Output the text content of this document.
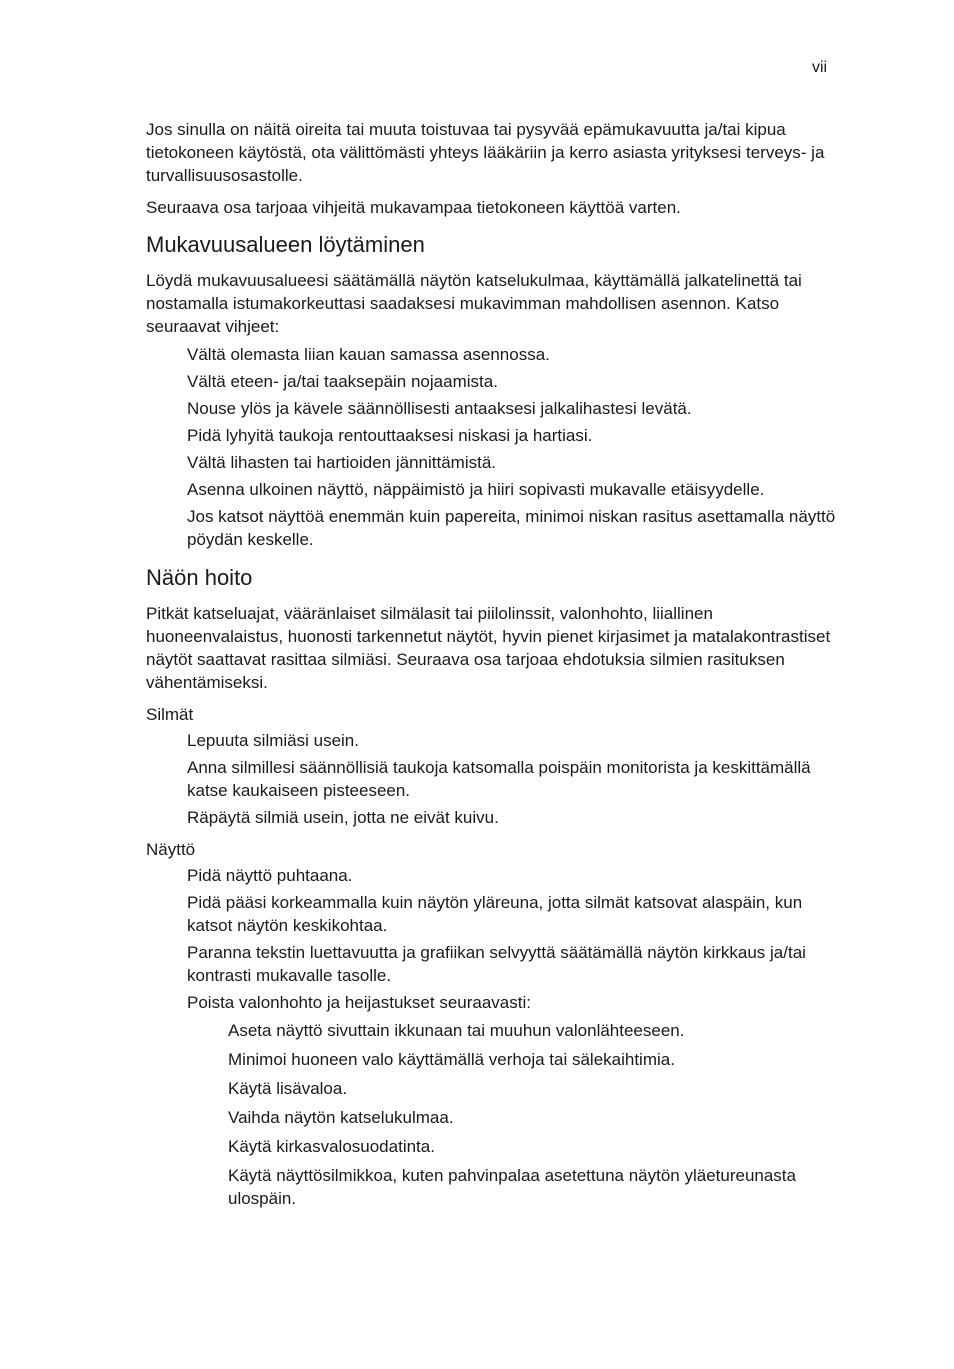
vii

Jos sinulla on näitä oireita tai muuta toistuvaa tai pysyvää epämukavuutta ja/tai kipua tietokoneen käytöstä, ota välittömästi yhteys lääkäriin ja kerro asiasta yrityksesi terveys- ja turvallisuusosastolle.

Seuraava osa tarjoaa vihjeitä mukavampaa tietokoneen käyttöä varten.

Mukavuusalueen löytäminen

Löydä mukavuusalueesi säätämällä näytön katselukulmaa, käyttämällä jalkatelinettä tai nostamalla istumakorkeuttasi saadaksesi mukavimman mahdollisen asennon. Katso seuraavat vihjeet:

Vältä olemasta liian kauan samassa asennossa.
Vältä eteen- ja/tai taaksepäin nojaamista.
Nouse ylös ja kävele säännöllisesti antaaksesi jalkalihastesi levätä.
Pidä lyhyitä taukoja rentouttaaksesi niskasi ja hartiasi.
Vältä lihasten tai hartioiden jännittämistä.
Asenna ulkoinen näyttö, näppäimistö ja hiiri sopivasti mukavalle etäisyydelle.
Jos katsot näyttöä enemmän kuin papereita, minimoi niskan rasitus asettamalla näyttö pöydän keskelle.
Näön hoito

Pitkät katseluajat, vääränlaiset silmälasit tai piilolinssit, valonhohto, liiallinen huoneenvalaistus, huonosti tarkennetut näytöt, hyvin pienet kirjasimet ja matalakontrastiset näytöt saattavat rasittaa silmiäsi. Seuraava osa tarjoaa ehdotuksia silmien rasituksen vähentämiseksi.

Silmät

Lepuuta silmiäsi usein.
Anna silmillesi säännöllisiä taukoja katsomalla poispäin monitorista ja keskittämällä katse kaukaiseen pisteeseen.
Räpäytä silmiä usein, jotta ne eivät kuivu.

Näyttö

Pidä näyttö puhtaana.
Pidä pääsi korkeammalla kuin näytön yläreuna, jotta silmät katsovat alaspäin, kun katsot näytön keskikohtaa.
Paranna tekstin luettavuutta ja grafiikan selvyyttä säätämällä näytön kirkkaus ja/tai kontrasti mukavalle tasolle.
Poista valonhohto ja heijastukset seuraavasti:
Aseta näyttö sivuttain ikkunaan tai muuhun valonlähteeseen.
Minimoi huoneen valo käyttämällä verhoja tai sälekaihtimia.
Käytä lisävaloa.
Vaihda näytön katselukulmaa.
Käytä kirkasvalosuodatinta.
Käytä näyttösilmikkoa, kuten pahvinpalaa asetettuna näytön yläetureunasta ulospäin.
